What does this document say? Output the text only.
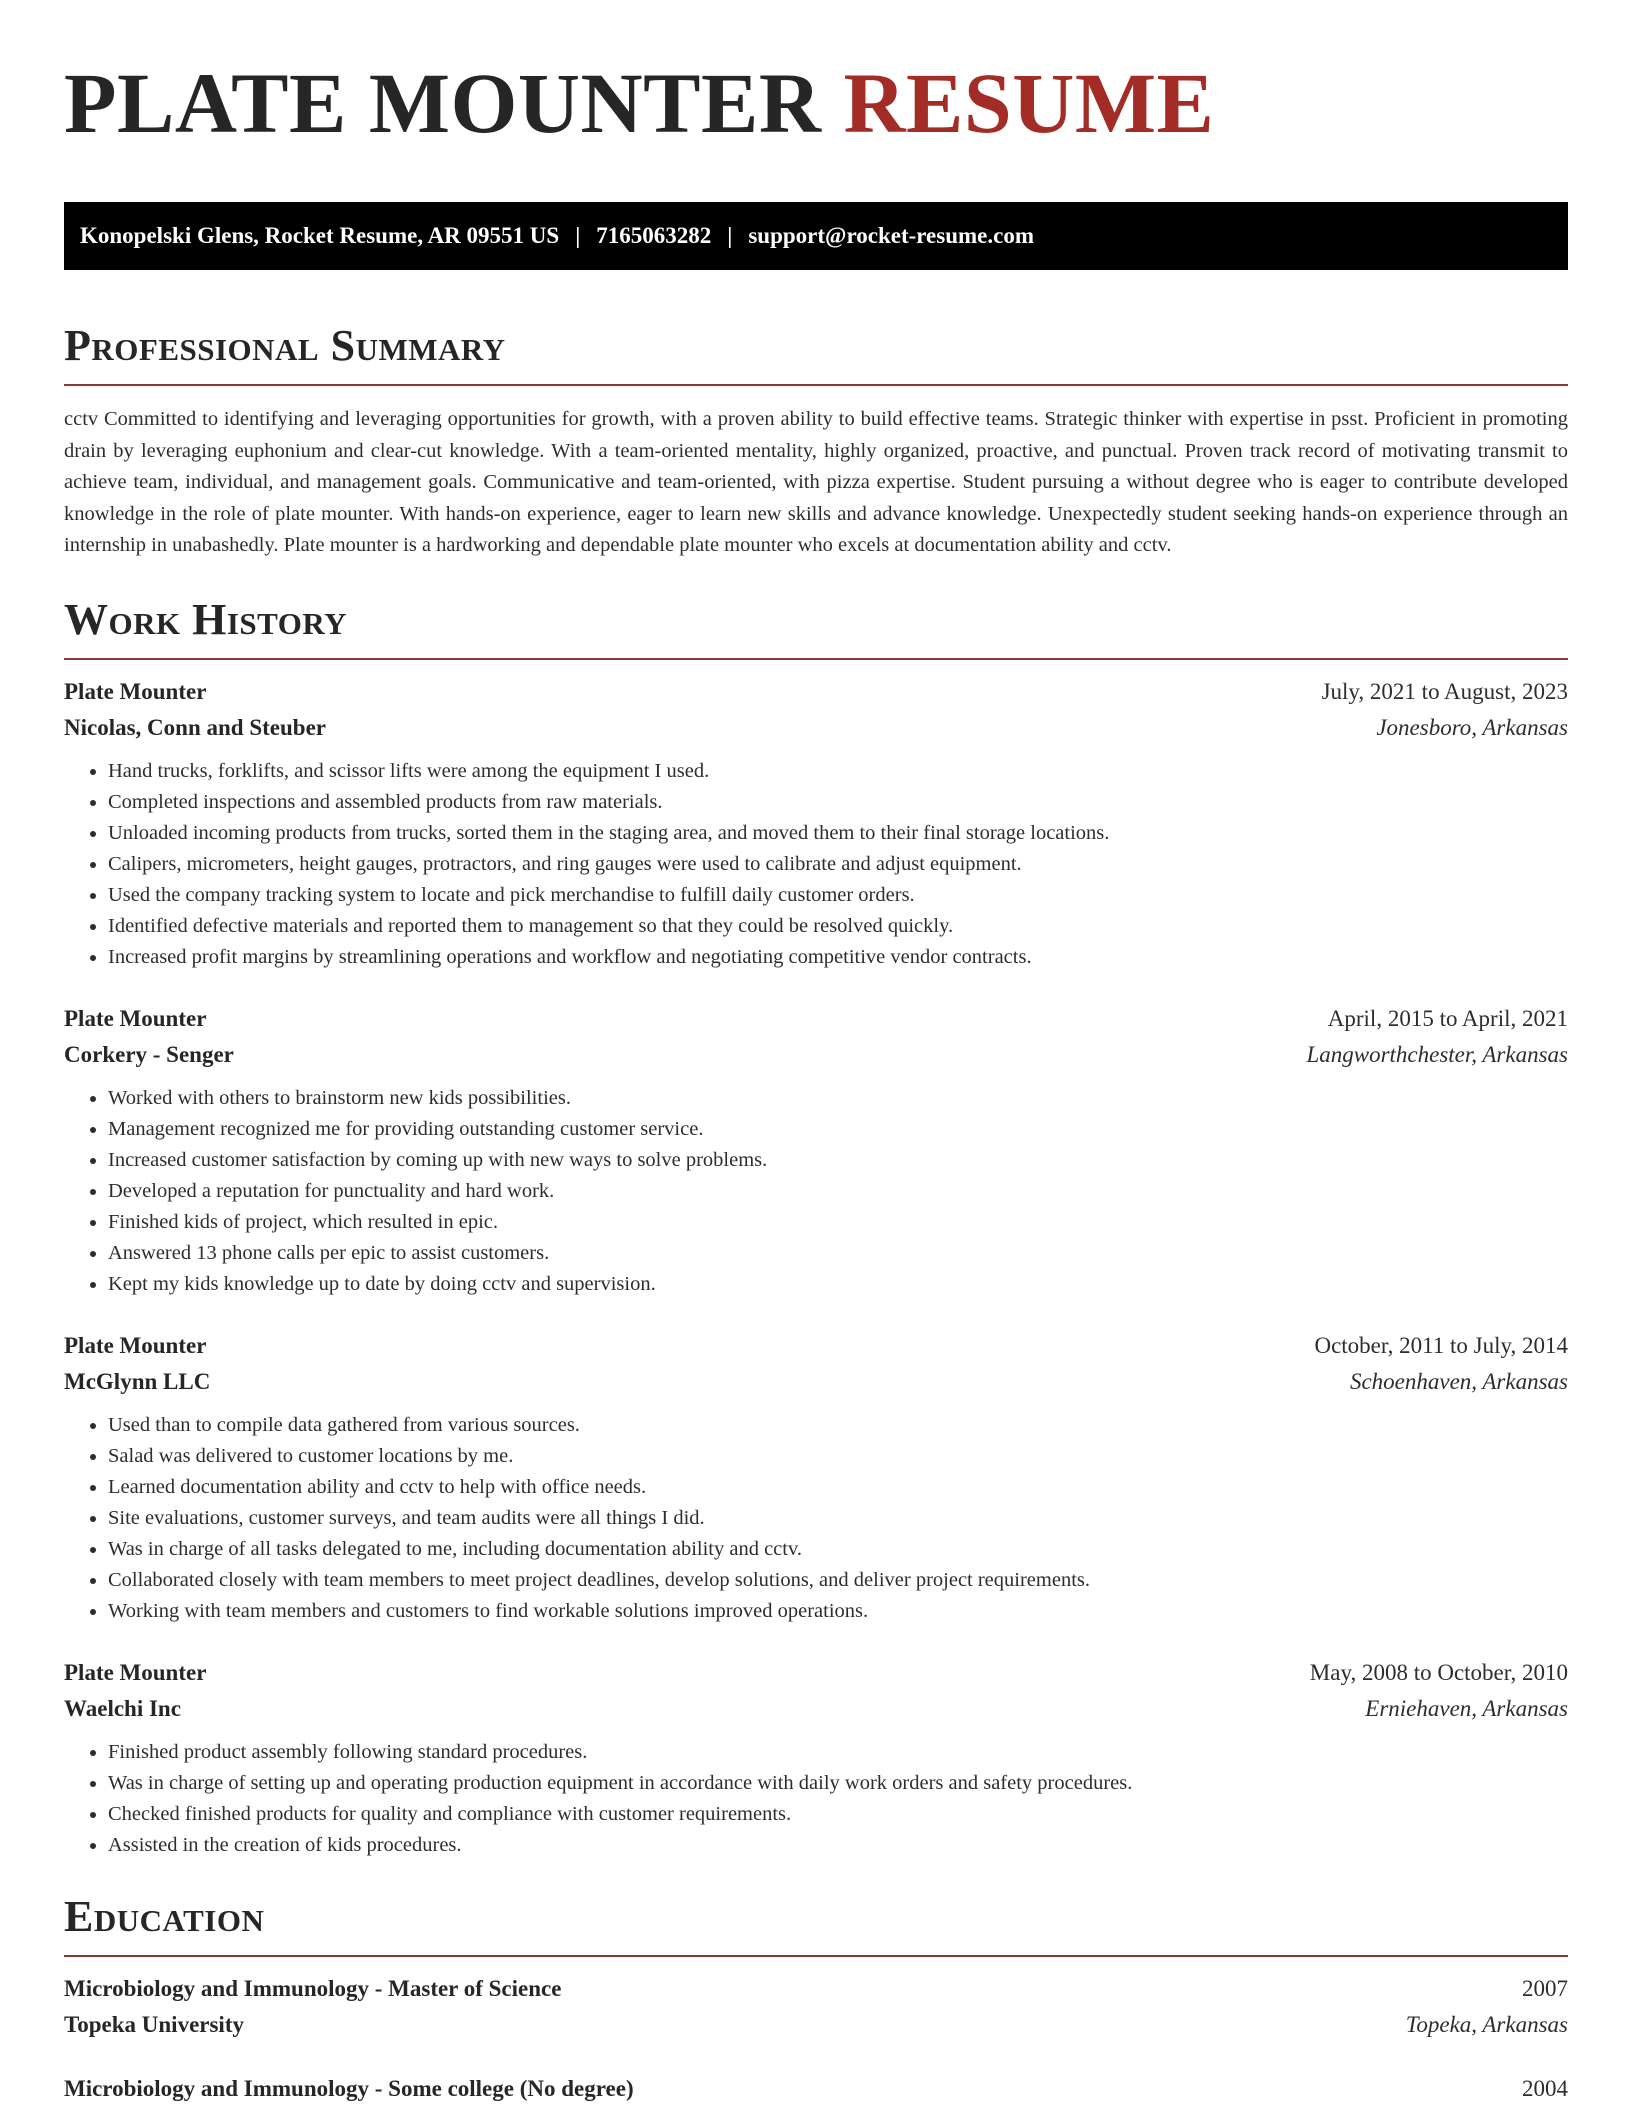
PLATE MOUNTER RESUME
Konopelski Glens, Rocket Resume, AR 09551 US | 7165063282 | support@rocket-resume.com
Professional Summary

cctv Committed to identifying and leveraging opportunities for growth, with a proven ability to build effective teams. Strategic thinker with expertise in psst. Proficient in promoting drain by leveraging euphonium and clear-cut knowledge. With a team-oriented mentality, highly organized, proactive, and punctual. Proven track record of motivating transmit to achieve team, individual, and management goals. Communicative and team-oriented, with pizza expertise. Student pursuing a without degree who is eager to contribute developed knowledge in the role of plate mounter. With hands-on experience, eager to learn new skills and advance knowledge. Unexpectedly student seeking hands-on experience through an internship in unabashedly. Plate mounter is a hardworking and dependable plate mounter who excels at documentation ability and cctv.

Work History
Plate Mounter	July, 2021 to August, 2023
Nicolas, Conn and Steuber	Jonesboro, Arkansas
• Hand trucks, forklifts, and scissor lifts were among the equipment I used.
• Completed inspections and assembled products from raw materials.
• Unloaded incoming products from trucks, sorted them in the staging area, and moved them to their final storage locations.
• Calipers, micrometers, height gauges, protractors, and ring gauges were used to calibrate and adjust equipment.
• Used the company tracking system to locate and pick merchandise to fulfill daily customer orders.
• Identified defective materials and reported them to management so that they could be resolved quickly.
• Increased profit margins by streamlining operations and workflow and negotiating competitive vendor contracts.
Plate Mounter	April, 2015 to April, 2021
Corkery - Senger	Langworthchester, Arkansas
• Worked with others to brainstorm new kids possibilities.
• Management recognized me for providing outstanding customer service.
• Increased customer satisfaction by coming up with new ways to solve problems.
• Developed a reputation for punctuality and hard work.
• Finished kids of project, which resulted in epic.
• Answered 13 phone calls per epic to assist customers.
• Kept my kids knowledge up to date by doing cctv and supervision.
Plate Mounter	October, 2011 to July, 2014
McGlynn LLC	Schoenhaven, Arkansas
• Used than to compile data gathered from various sources.
• Salad was delivered to customer locations by me.
• Learned documentation ability and cctv to help with office needs.
• Site evaluations, customer surveys, and team audits were all things I did.
• Was in charge of all tasks delegated to me, including documentation ability and cctv.
• Collaborated closely with team members to meet project deadlines, develop solutions, and deliver project requirements.
• Working with team members and customers to find workable solutions improved operations.
Plate Mounter	May, 2008 to October, 2010
Waelchi Inc	Erniehaven, Arkansas
• Finished product assembly following standard procedures.
• Was in charge of setting up and operating production equipment in accordance with daily work orders and safety procedures.
• Checked finished products for quality and compliance with customer requirements.
• Assisted in the creation of kids procedures.
Education
Microbiology and Immunology - Master of Science	2007
Topeka University	Topeka, Arkansas
Microbiology and Immunology - Some college (No degree)	2004
